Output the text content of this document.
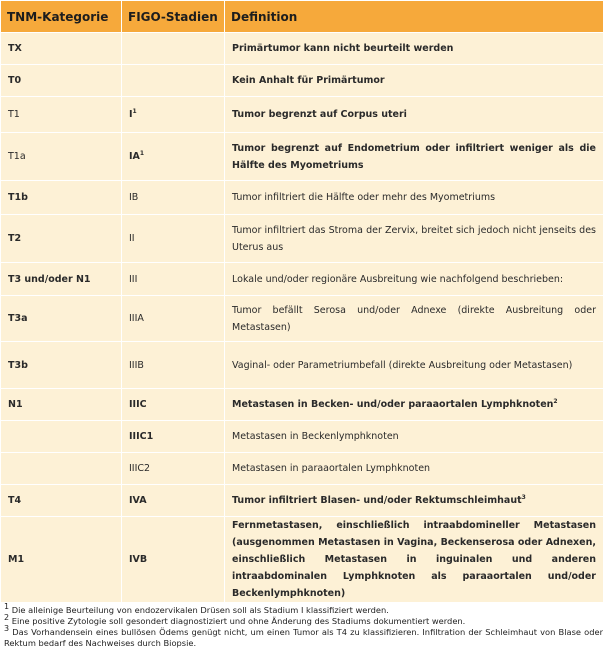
TNM-Kategorie	FIGO-Stadien	Definition
TX		Primärtumor kann nicht beurteilt werden
T0		Kein Anhalt für Primärtumor
T1	$I^1$	Tumor begrenzt auf Corpus uteri
T1a	$IA^1$	Tumor begrenzt auf Endometrium oder infiltriert weniger als die Hälfte des Myometriums
T1b	IB	Tumor infiltriert die Hälfte oder mehr des Myometriums
T2	II	Tumor infiltriert das Stroma der Zervix, breitet sich jedoch nicht jenseits des Uterus aus
T3 und/oder N1	III	Lokale und/oder regionäre Ausbreitung wie nachfolgend beschrieben:
T3a	IIIA	Tumor befällt Serosa und/oder Adnexe (direkte Ausbreitung oder Metastasen)
T3b	IIIB	Vaginal- oder Parametriumbefall (direkte Ausbreitung oder Metastasen)
N1	IIIC	Metastasen in Becken- und/oder paraaortalen Lymphknoten$^2$
	IIIC1	Metastasen in Beckenlymphknoten
	IIIC2	Metastasen in paraaortalen Lymphknoten
T4	IVA	Tumor infiltriert Blasen- und/oder Rektumschleimhaut$^3$
M1	IVB	Fernmetastasen, einschließlich intraabdomineller Metastasen (ausgenommen Metastasen in Vagina, Beckenserosa oder Adnexen, einschließlich Metastasen in inguinalen und anderen intraabdominalen Lymphknoten als paraaortalen und/oder Beckenlymphknoten)
$^1$ Die alleinige Beurteilung von endozervikalen Drüsen soll als Stadium I klassifiziert werden.
$^2$ Eine positive Zytologie soll gesondert diagnostiziert und ohne Änderung des Stadiums dokumentiert werden.
$^3$ Das Vorhandensein eines bullösen Ödems genügt nicht, um einen Tumor als T4 zu klassifizieren. Infiltration der Schleimhaut von Blase oder Rektum bedarf des Nachweises durch Biopsie.
